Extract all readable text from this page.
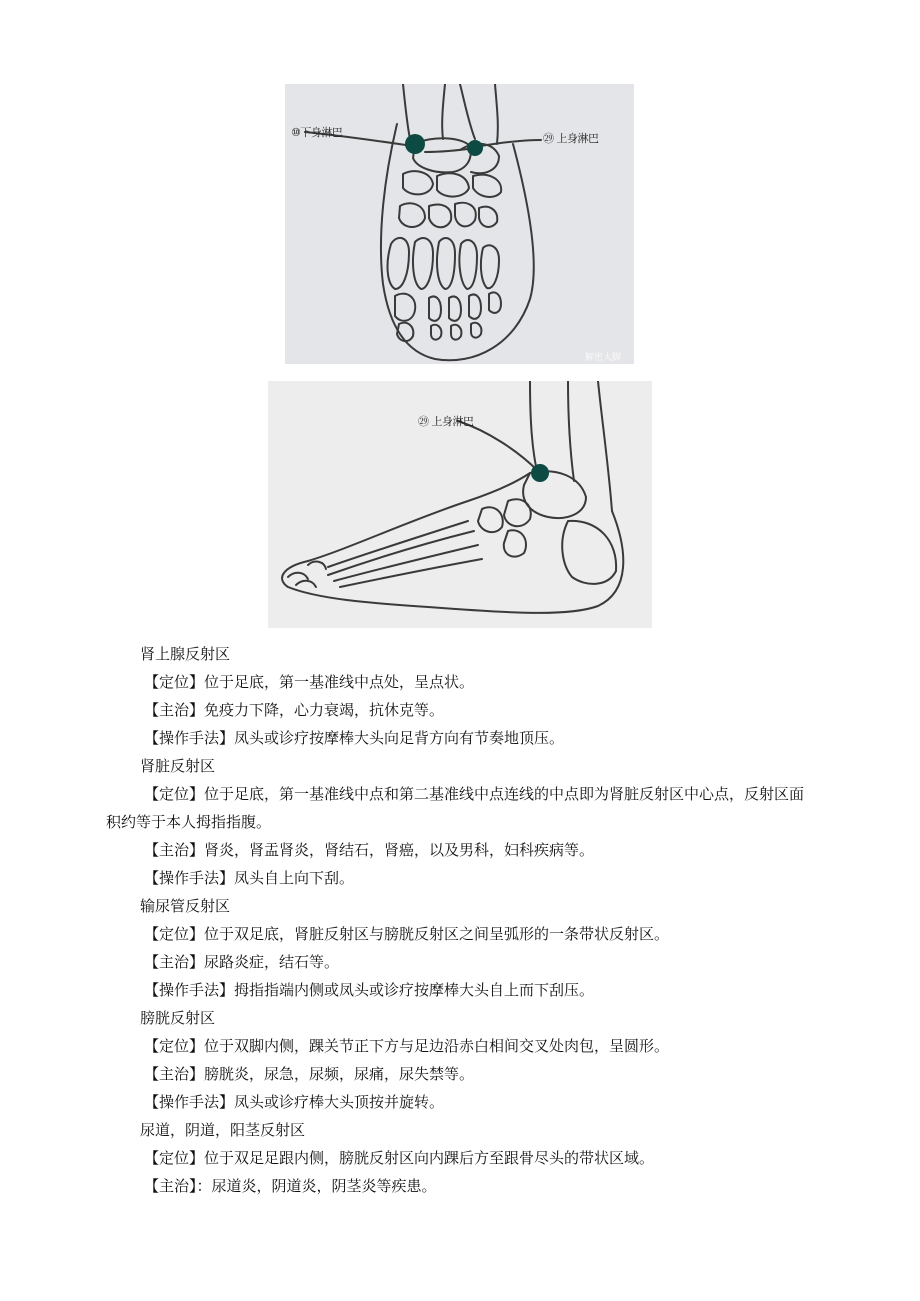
⑩下身淋巴	㉙ 上身淋巴
解密大脚
㉙ 上身淋巴
肾上腺反射区
【定位】位于足底，第一基准线中点处，呈点状。
【主治】免疫力下降，心力衰竭，抗休克等。
【操作手法】凤头或诊疗按摩棒大头向足背方向有节奏地顶压。
肾脏反射区
【定位】位于足底，第一基准线中点和第二基准线中点连线的中点即为肾脏反射区中心点，反射区面积约等于本人拇指指腹。
【主治】肾炎，肾盂肾炎，肾结石，肾癌，以及男科，妇科疾病等。
【操作手法】凤头自上向下刮。
输尿管反射区
【定位】位于双足底，肾脏反射区与膀胱反射区之间呈弧形的一条带状反射区。
【主治】尿路炎症，结石等。
【操作手法】拇指指端内侧或凤头或诊疗按摩棒大头自上而下刮压。
膀胱反射区
【定位】位于双脚内侧，踝关节正下方与足边沿赤白相间交叉处肉包，呈圆形。
【主治】膀胱炎，尿急，尿频，尿痛，尿失禁等。
【操作手法】凤头或诊疗棒大头顶按并旋转。
尿道，阴道，阳茎反射区
【定位】位于双足足跟内侧，膀胱反射区向内踝后方至跟骨尽头的带状区域。
【主治】：尿道炎，阴道炎，阴茎炎等疾患。
